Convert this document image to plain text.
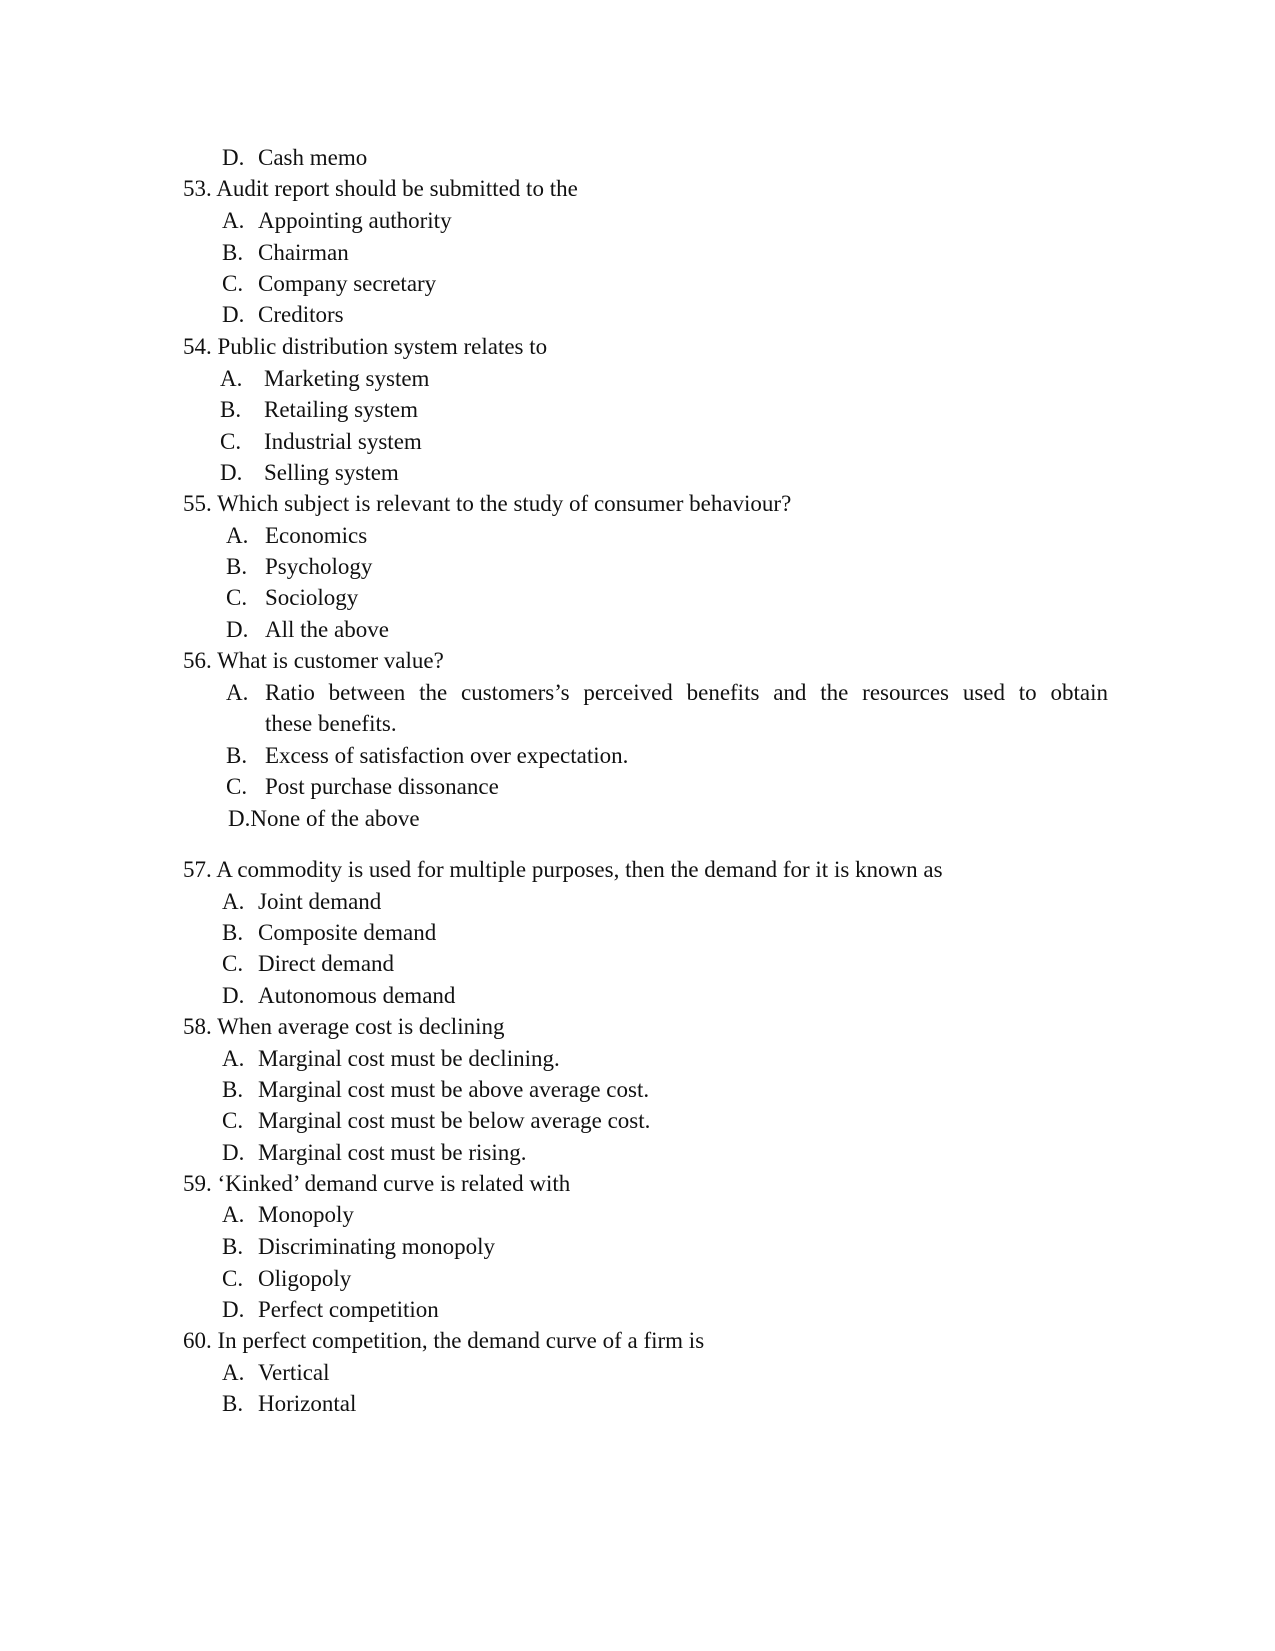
D. Cash memo
53. Audit report should be submitted to the
A. Appointing authority
B. Chairman
C. Company secretary
D. Creditors
54. Public distribution system relates to
A. Marketing system
B. Retailing system
C. Industrial system
D. Selling system
55. Which subject is relevant to the study of consumer behaviour?
A. Economics
B. Psychology
C. Sociology
D. All the above
56. What is customer value?
A. Ratio between the customers’s perceived benefits and the resources used to obtain
these benefits.
B. Excess of satisfaction over expectation.
C. Post purchase dissonance
D.None of the above
57. A commodity is used for multiple purposes, then the demand for it is known as
A. Joint demand
B. Composite demand
C. Direct demand
D. Autonomous demand
58. When average cost is declining
A. Marginal cost must be declining.
B. Marginal cost must be above average cost.
C. Marginal cost must be below average cost.
D. Marginal cost must be rising.
59. ‘Kinked’ demand curve is related with
A. Monopoly
B. Discriminating monopoly
C. Oligopoly
D. Perfect competition
60. In perfect competition, the demand curve of a firm is
A. Vertical
B. Horizontal
